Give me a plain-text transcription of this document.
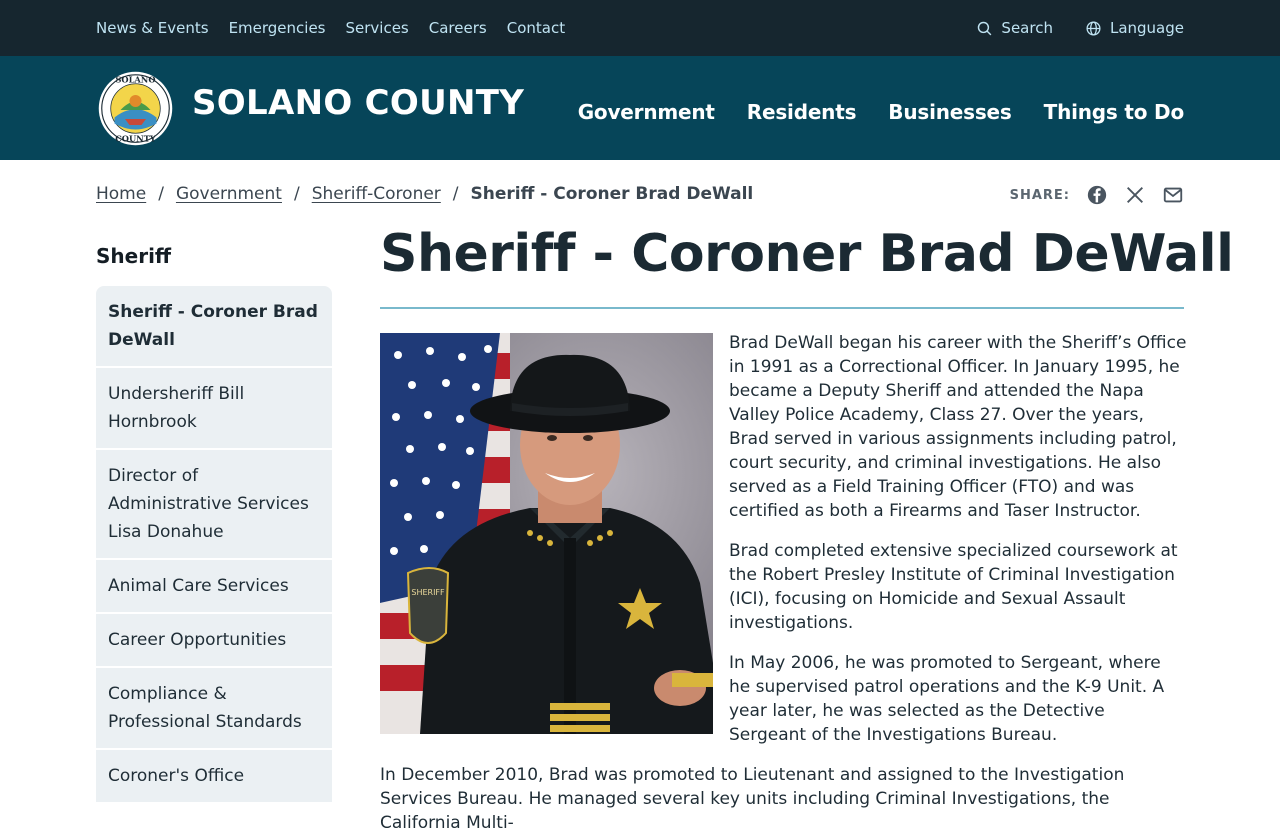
News & Events Emergencies Services Careers Contact	Search	Language
SOLANO
COUNTY
SOLANO COUNTY	Government Residents Businesses Things to Do
Home / Government / Sheriff-Coroner / Sheriff - Coroner Brad DeWall	SHARE:
Sheriff
Sheriff - Coroner Brad DeWall
Undersheriff Bill Hornbrook
Director of Administrative Services Lisa Donahue
Animal Care Services
Career Opportunities
Compliance & Professional Standards
Coroner's Office
Sheriff - Coroner Brad DeWall
SHERIFF

Brad DeWall began his career with the Sheriff’s Office in 1991 as a Correctional Officer. In January 1995, he became a Deputy Sheriff and attended the Napa Valley Police Academy, Class 27. Over the years, Brad served in various assignments including patrol, court security, and criminal investigations. He also served as a Field Training Officer (FTO) and was certified as both a Firearms and Taser Instructor.

Brad completed extensive specialized coursework at the Robert Presley Institute of Criminal Investigation (ICI), focusing on Homicide and Sexual Assault investigations.

In May 2006, he was promoted to Sergeant, where he supervised patrol operations and the K-9 Unit. A year later, he was selected as the Detective Sergeant of the Investigations Bureau.

In December 2010, Brad was promoted to Lieutenant and assigned to the Investigation Services Bureau. He managed several key units including Criminal Investigations, the California Multi-
